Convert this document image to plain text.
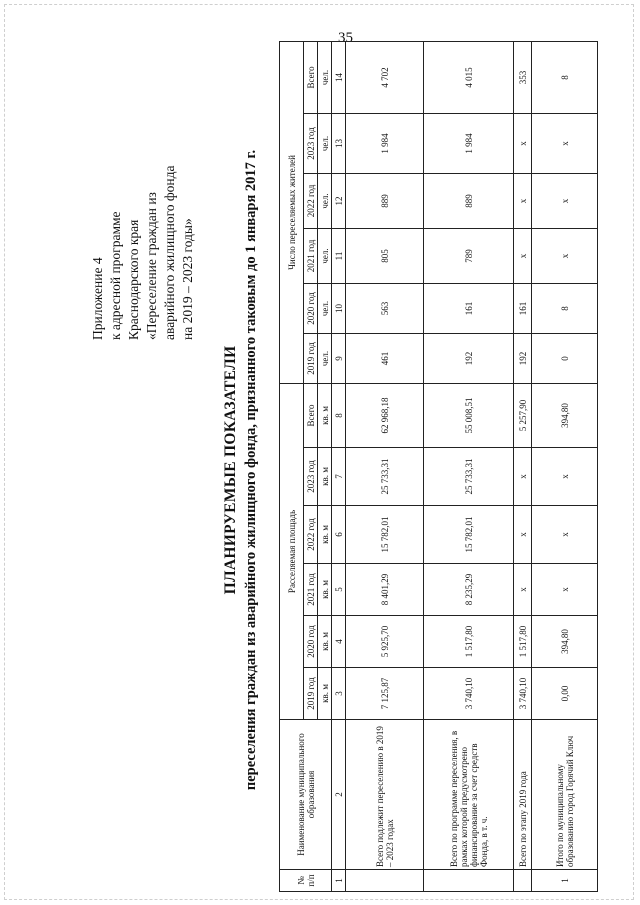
35
Приложение 4 к адресной программе Краснодарского края «Переселение граждан из аварийного жилищного фонда на 2019 – 2023 годы»
ПЛАНИРУЕМЫЕ ПОКАЗАТЕЛИ переселения граждан из аварийного жилищного фонда, признанного таковым до 1 января 2017 г.
№ п/п	Наименование муниципального образования	Расселяемая площадь						Число переселяемых жителей					
		2019 год	2020 год	2021 год	2022 год	2023 год	Всего	2019 год	2020 год	2021 год	2022 год	2023 год	Всего
		кв. м	кв. м	кв. м	кв. м	кв. м	кв. м	чел.	чел.	чел.	чел.	чел.	чел.
1	2	3	4	5	6	7	8	9	10	11	12	13	14
	Всего подлежит переселению в 2019 – 2023 годах	7 125,87	5 925,70	8 401,29	15 782,01	25 733,31	62 968,18	461	563	805	889	1 984	4 702
	Всего по программе переселения, в рамках которой предусмотрено финансирование за счет средств Фонда, в т. ч.	3 740,10	1 517,80	8 235,29	15 782,01	25 733,31	55 008,51	192	161	789	889	1 984	4 015
	Всего по этапу 2019 года	3 740,10	1 517,80	x	x	x	5 257,90	192	161	x	x	x	353
1	Итого по муниципальному образованию город Горячий Ключ	0,00	394,80	x	x	x	394,80	0	8	x	x	x	8
